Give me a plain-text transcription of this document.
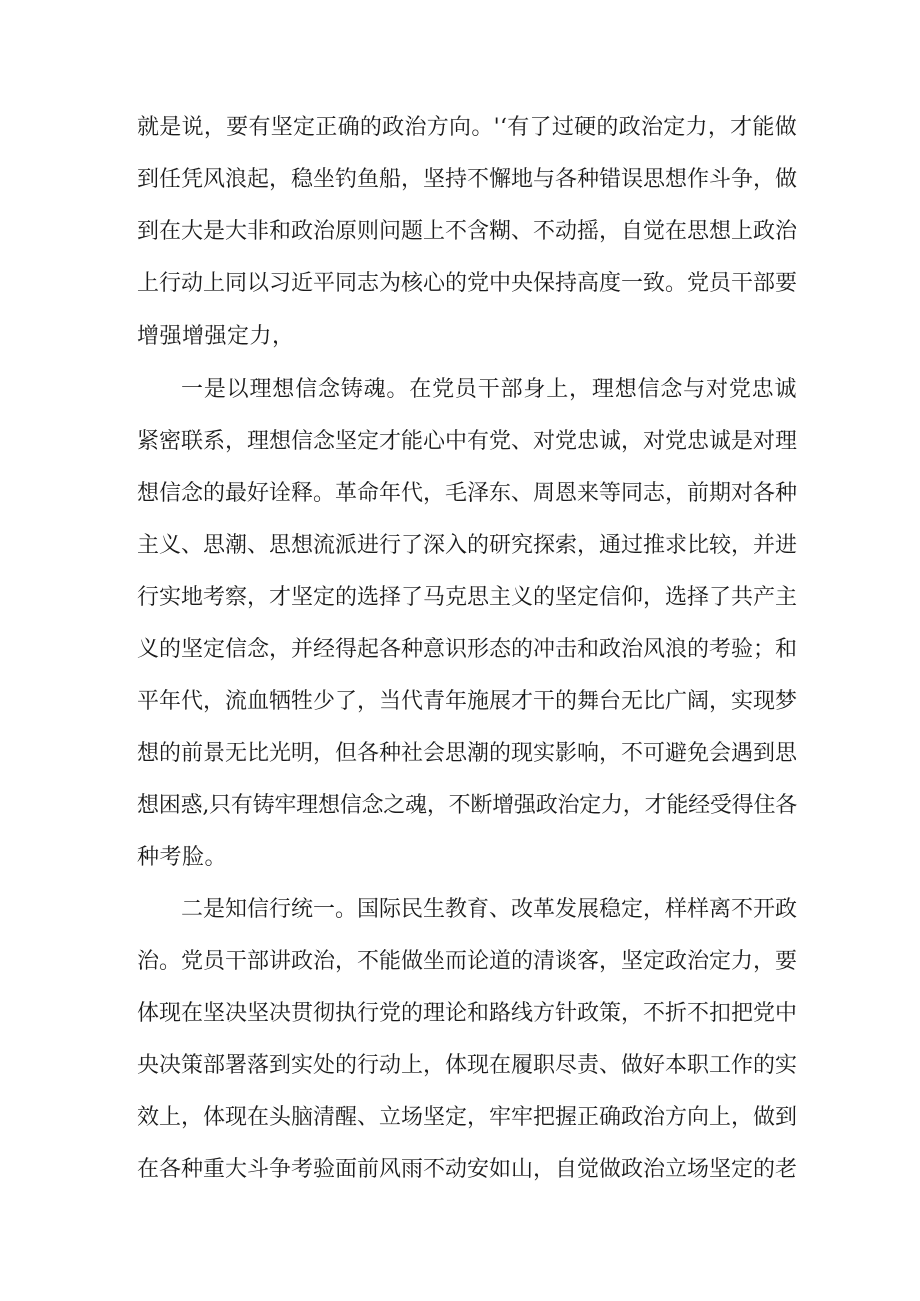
就是说，要有坚定正确的政治方向。'‘有了过硬的政治定力，才能做
到任凭风浪起，稳坐钓鱼船，坚持不懈地与各种错误思想作斗争，做
到在大是大非和政治原则问题上不含糊、不动摇，自觉在思想上政治
上行动上同以习近平同志为核心的党中央保持高度一致。党员干部要
增强增强定力，
一是以理想信念铸魂。在党员干部身上，理想信念与对党忠诚
紧密联系，理想信念坚定才能心中有党、对党忠诚，对党忠诚是对理
想信念的最好诠释。革命年代，毛泽东、周恩来等同志，前期对各种
主义、思潮、思想流派进行了深入的研究探索，通过推求比较，并进
行实地考察，才坚定的选择了马克思主义的坚定信仰，选择了共产主
义的坚定信念，并经得起各种意识形态的冲击和政治风浪的考验；和
平年代，流血牺牲少了，当代青年施展才干的舞台无比广阔，实现梦
想的前景无比光明，但各种社会思潮的现实影响，不可避免会遇到思
想困惑,只有铸牢理想信念之魂，不断增强政治定力，才能经受得住各
种考脸。
二是知信行统一。国际民生教育、改革发展稳定，样样离不开政
治。党员干部讲政治，不能做坐而论道的清谈客，坚定政治定力，要
体现在坚决坚决贯彻执行党的理论和路线方针政策，不折不扣把党中
央决策部署落到实处的行动上，体现在履职尽责、做好本职工作的实
效上，体现在头脑清醒、立场坚定，牢牢把握正确政治方向上，做到
在各种重大斗争考验面前风雨不动安如山，自觉做政治立场坚定的老
